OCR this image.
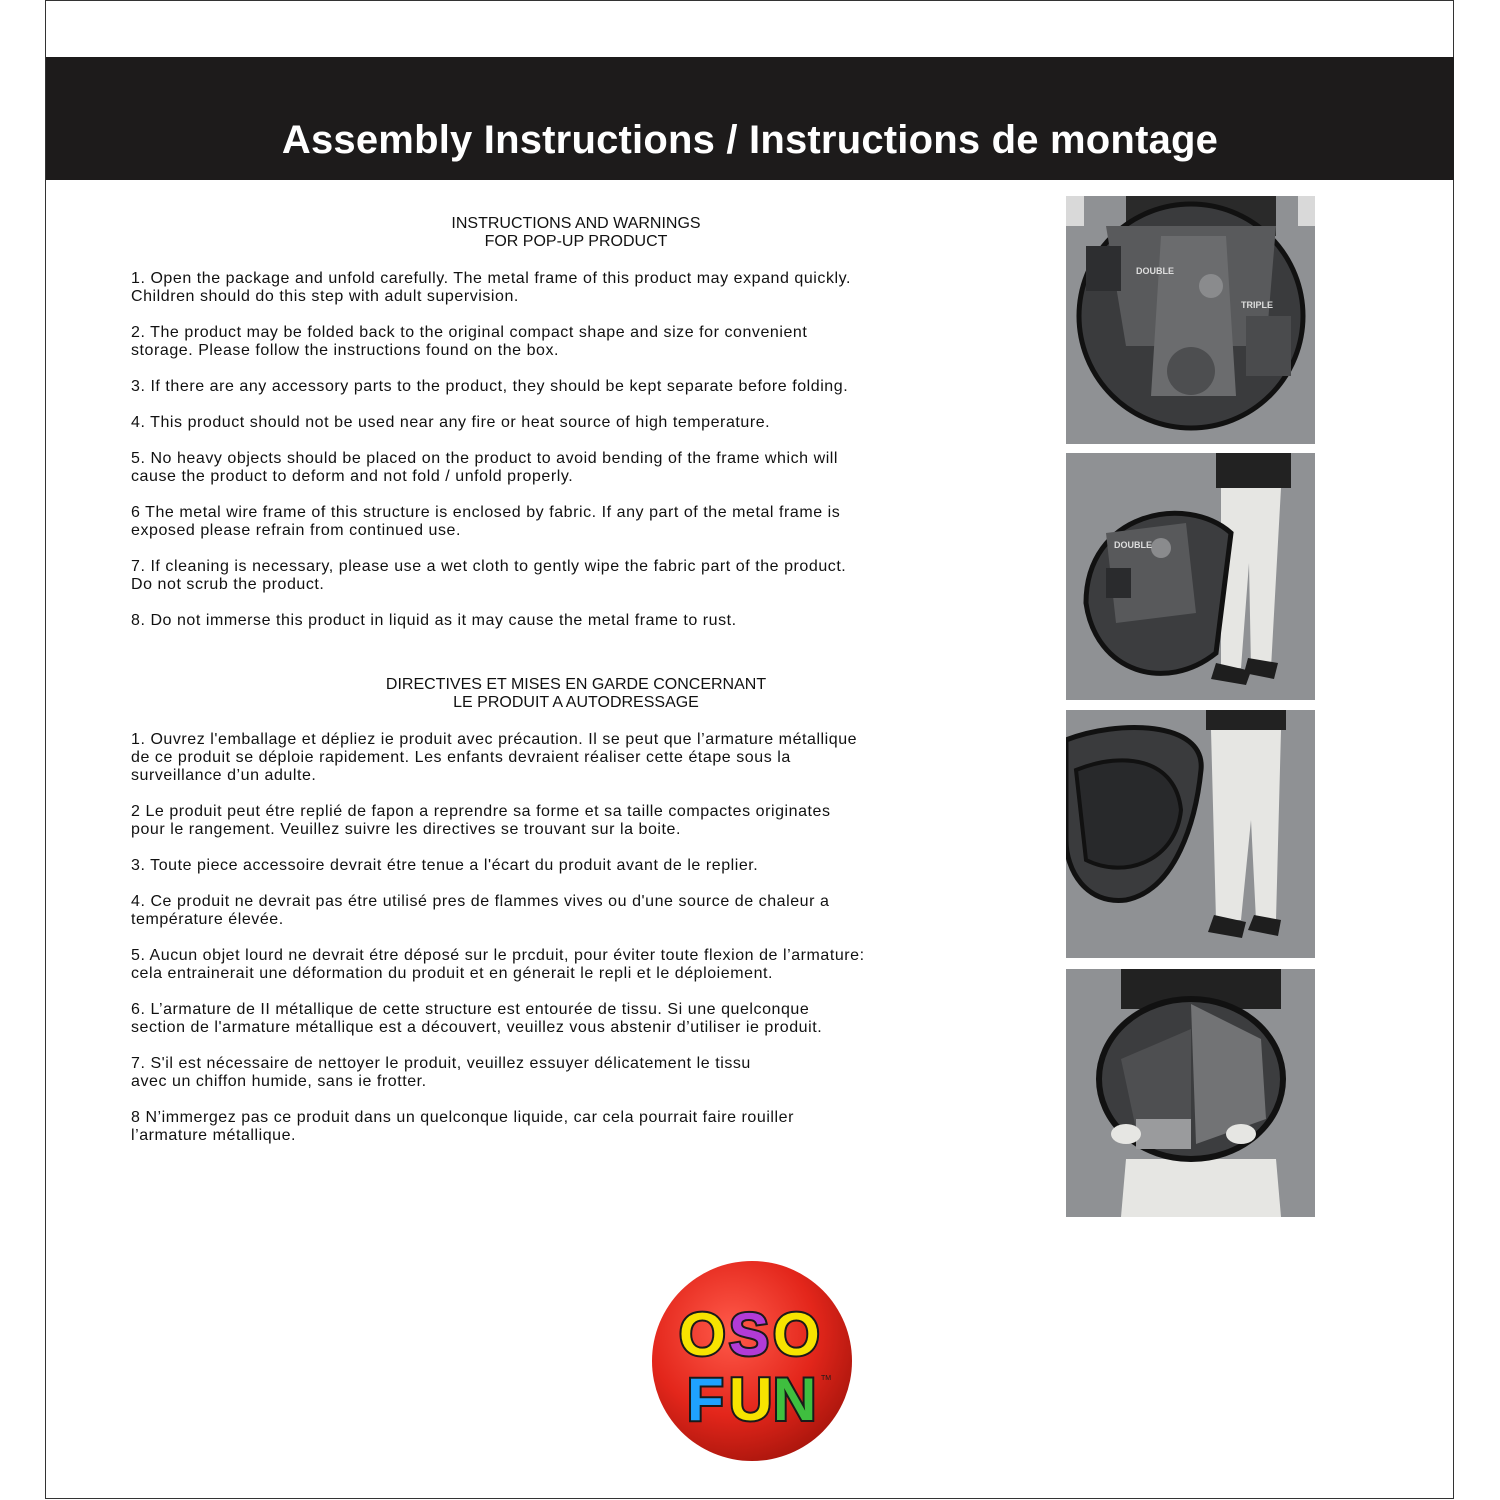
Assembly Instructions / Instructions de montage
INSTRUCTIONS AND WARNINGS
FOR POP-UP PRODUCT
1. Open the package and unfold carefully. The metal frame of this product may expand quickly.
Children should do this step with adult supervision.
2. The product may be folded back to the original compact shape and size for convenient
storage. Please follow the instructions found on the box.
3. If there are any accessory parts to the product, they should be kept separate before folding.
4. This product should not be used near any fire or heat source of high temperature.
5. No heavy objects should be placed on the product to avoid bending of the frame which will
cause the product to deform and not fold / unfold properly.
6 The metal wire frame of this structure is enclosed by fabric. If any part of the metal frame is
exposed please refrain from continued use.
7. If cleaning is necessary, please use a wet cloth to gently wipe the fabric part of the product.
Do not scrub the product.
8. Do not immerse this product in liquid as it may cause the metal frame to rust.
DIRECTIVES ET MISES EN GARDE CONCERNANT
LE PRODUIT A AUTODRESSAGE
1. Ouvrez l'emballage et dépliez ie produit avec précaution. Il se peut que l’armature métallique
de ce produit se déploie rapidement. Les enfants devraient réaliser cette étape sous la
surveillance d’un adulte.
2 Le produit peut étre replié de fapon a reprendre sa forme et sa taille compactes originates
pour le rangement. Veuillez suivre les directives se trouvant sur la boite.
3. Toute piece accessoire devrait étre tenue a l'écart du produit avant de le replier.
4. Ce produit ne devrait pas étre utilisé pres de flammes vives ou d'une source de chaleur a
température élevée.
5. Aucun objet lourd ne devrait étre déposé sur le prcduit, pour éviter toute flexion de l’armature:
cela entrainerait une déformation du produit et en génerait le repli et le déploiement.
6. L’armature de II métallique de cette structure est entourée de tissu. Si une quelconque
section de l'armature métallique est a découvert, veuillez vous abstenir d’utiliser ie produit.
7. S'il est nécessaire de nettoyer le produit, veuillez essuyer délicatement le tissu
avec un chiffon humide, sans ie frotter.
8 N’immergez pas ce produit dans un quelconque liquide, car cela pourrait faire rouiller
l’armature métallique.
DOUBLE
TRIPLE
DOUBLE
O S O
F U N TM
